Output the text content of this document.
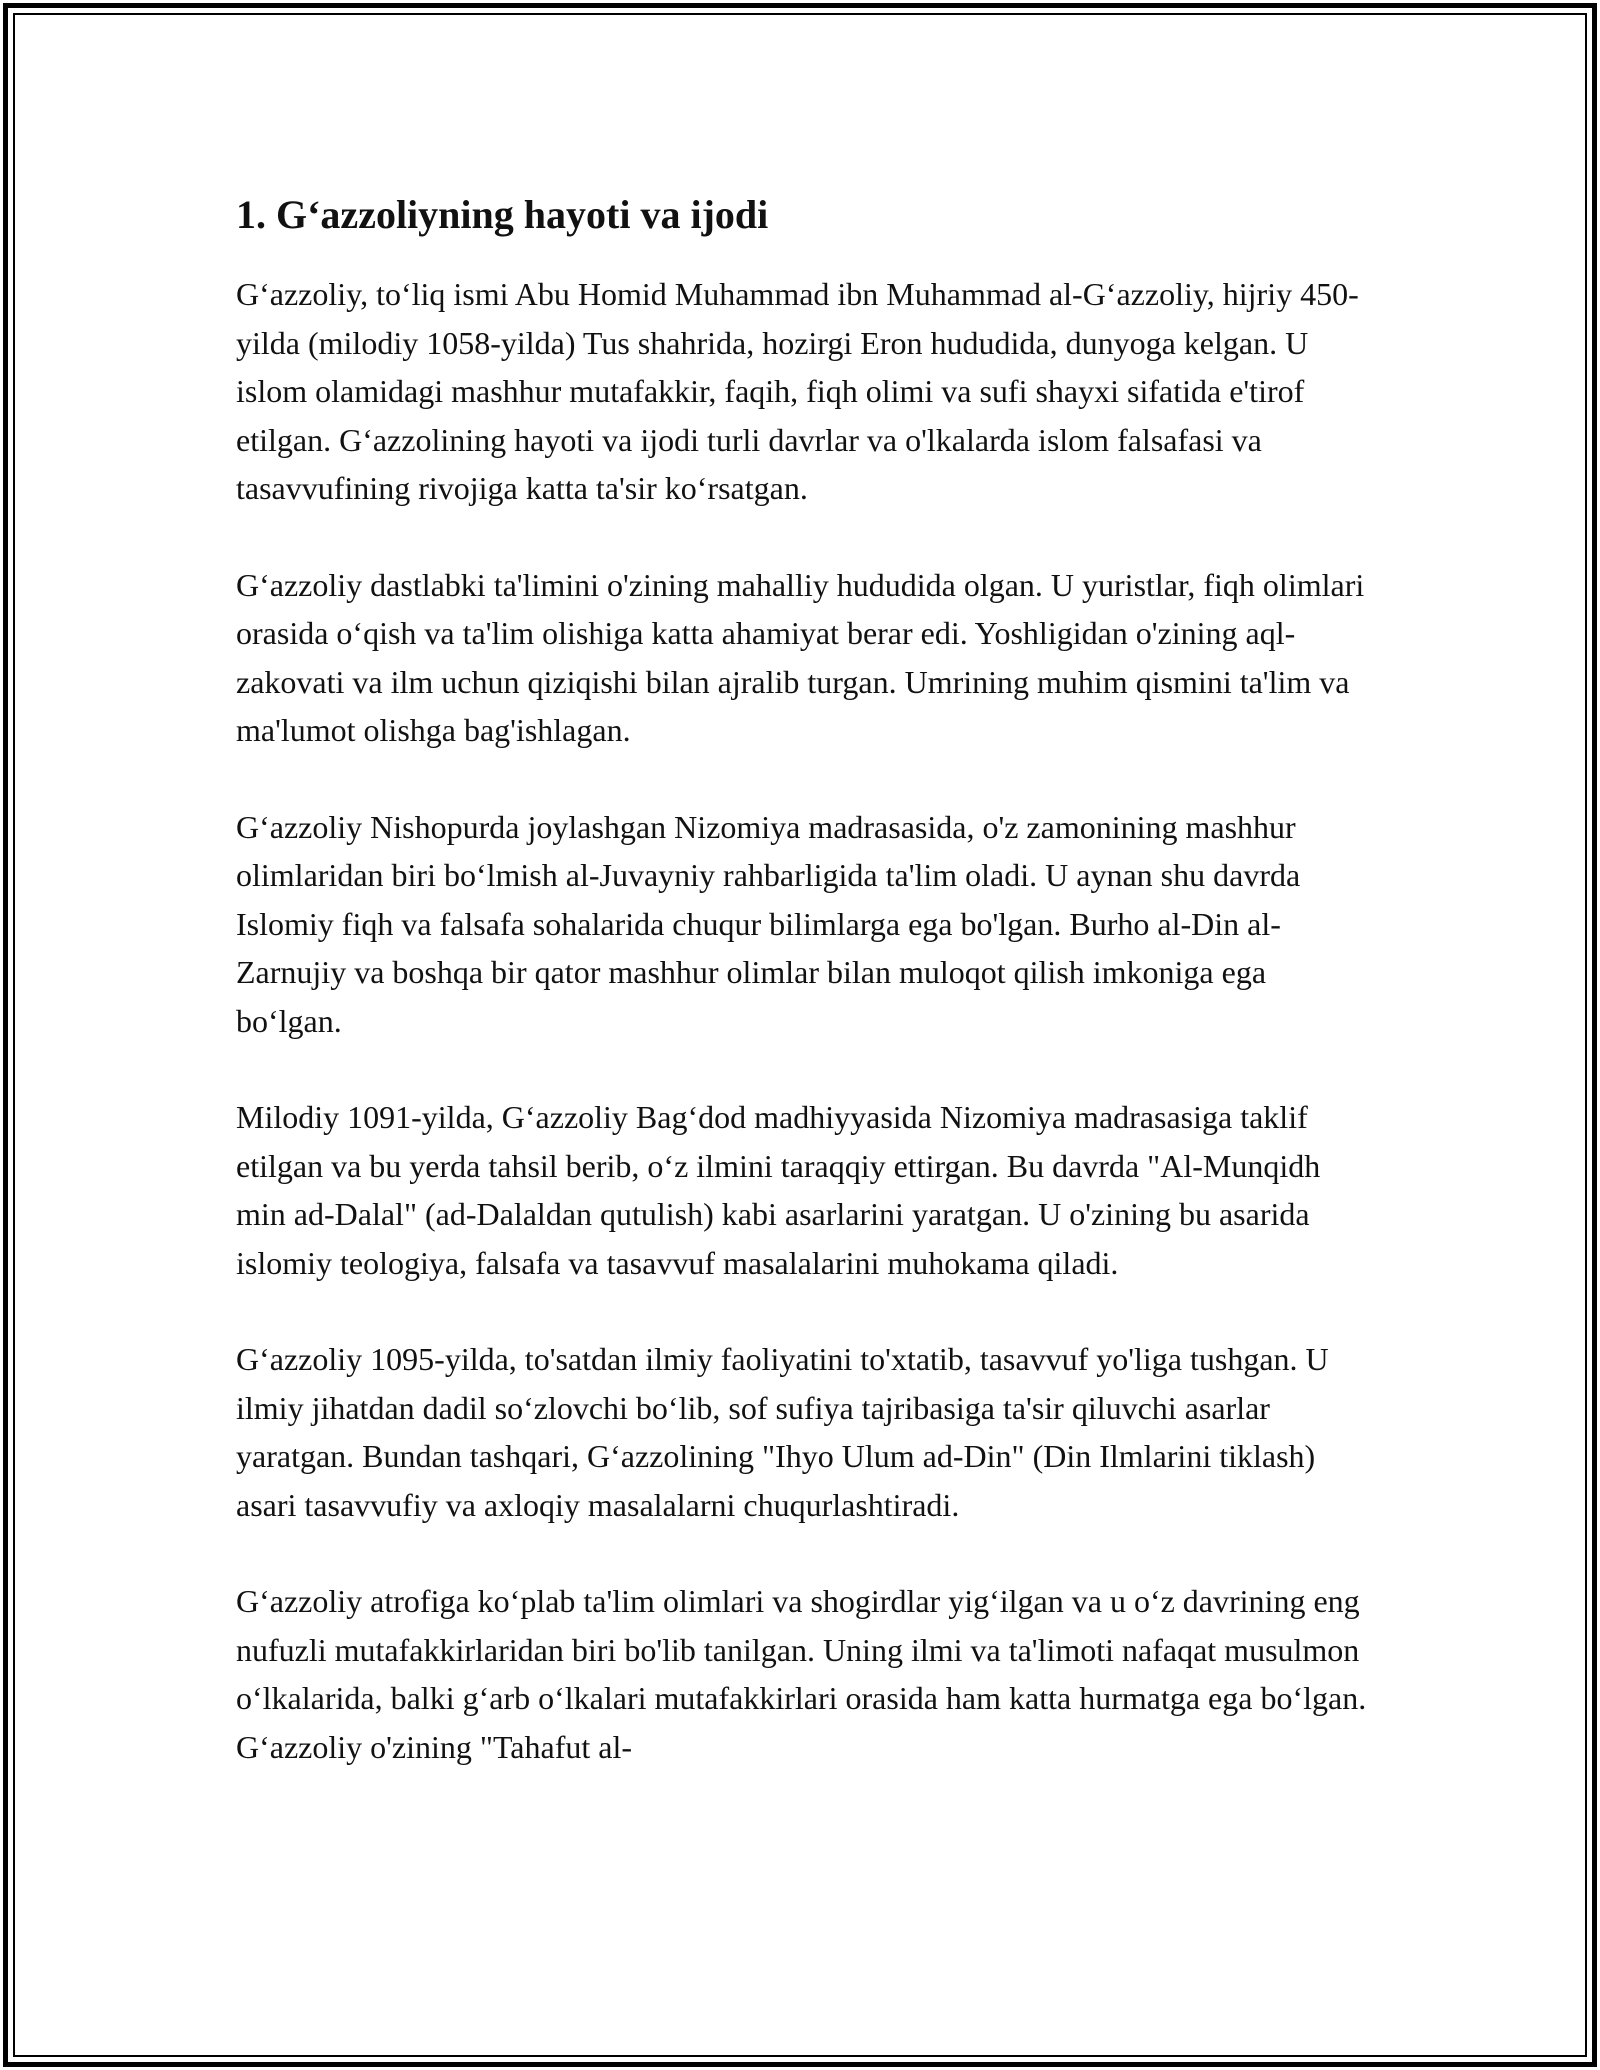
1. Gʻazzoliyning hayoti va ijodi

Gʻazzoliy, toʻliq ismi Abu Homid Muhammad ibn Muhammad al-Gʻazzoliy, hijriy 450-yilda (milodiy 1058-yilda) Tus shahrida, hozirgi Eron hududida, dunyoga kelgan. U islom olamidagi mashhur mutafakkir, faqih, fiqh olimi va sufi shayxi sifatida e'tirof etilgan. Gʻazzolining hayoti va ijodi turli davrlar va o'lkalarda islom falsafasi va tasavvufining rivojiga katta ta'sir koʻrsatgan.

Gʻazzoliy dastlabki ta'limini o'zining mahalliy hududida olgan. U yuristlar, fiqh olimlari orasida oʻqish va ta'lim olishiga katta ahamiyat berar edi. Yoshligidan o'zining aql-zakovati va ilm uchun qiziqishi bilan ajralib turgan. Umrining muhim qismini ta'lim va ma'lumot olishga bag'ishlagan.

Gʻazzoliy Nishopurda joylashgan Nizomiya madrasasida, o'z zamonining mashhur olimlaridan biri boʻlmish al-Juvayniy rahbarligida ta'lim oladi. U aynan shu davrda Islomiy fiqh va falsafa sohalarida chuqur bilimlarga ega bo'lgan. Burho al-Din al-Zarnujiy va boshqa bir qator mashhur olimlar bilan muloqot qilish imkoniga ega boʻlgan.

Milodiy 1091-yilda, Gʻazzoliy Bagʻdod madhiyyasida Nizomiya madrasasiga taklif etilgan va bu yerda tahsil berib, oʻz ilmini taraqqiy ettirgan. Bu davrda "Al-Munqidh min ad-Dalal" (ad-Dalaldan qutulish) kabi asarlarini yaratgan. U o'zining bu asarida islomiy teologiya, falsafa va tasavvuf masalalarini muhokama qiladi.

Gʻazzoliy 1095-yilda, to'satdan ilmiy faoliyatini to'xtatib, tasavvuf yo'liga tushgan. U ilmiy jihatdan dadil soʻzlovchi boʻlib, sof sufiya tajribasiga ta'sir qiluvchi asarlar yaratgan. Bundan tashqari, Gʻazzolining "Ihyo Ulum ad-Din" (Din Ilmlarini tiklash) asari tasavvufiy va axloqiy masalalarni chuqurlashtiradi.

Gʻazzoliy atrofiga koʻplab ta'lim olimlari va shogirdlar yigʻilgan va u oʻz davrining eng nufuzli mutafakkirlaridan biri bo'lib tanilgan. Uning ilmi va ta'limoti nafaqat musulmon oʻlkalarida, balki gʻarb oʻlkalari mutafakkirlari orasida ham katta hurmatga ega boʻlgan. Gʻazzoliy o'zining "Tahafut al-
